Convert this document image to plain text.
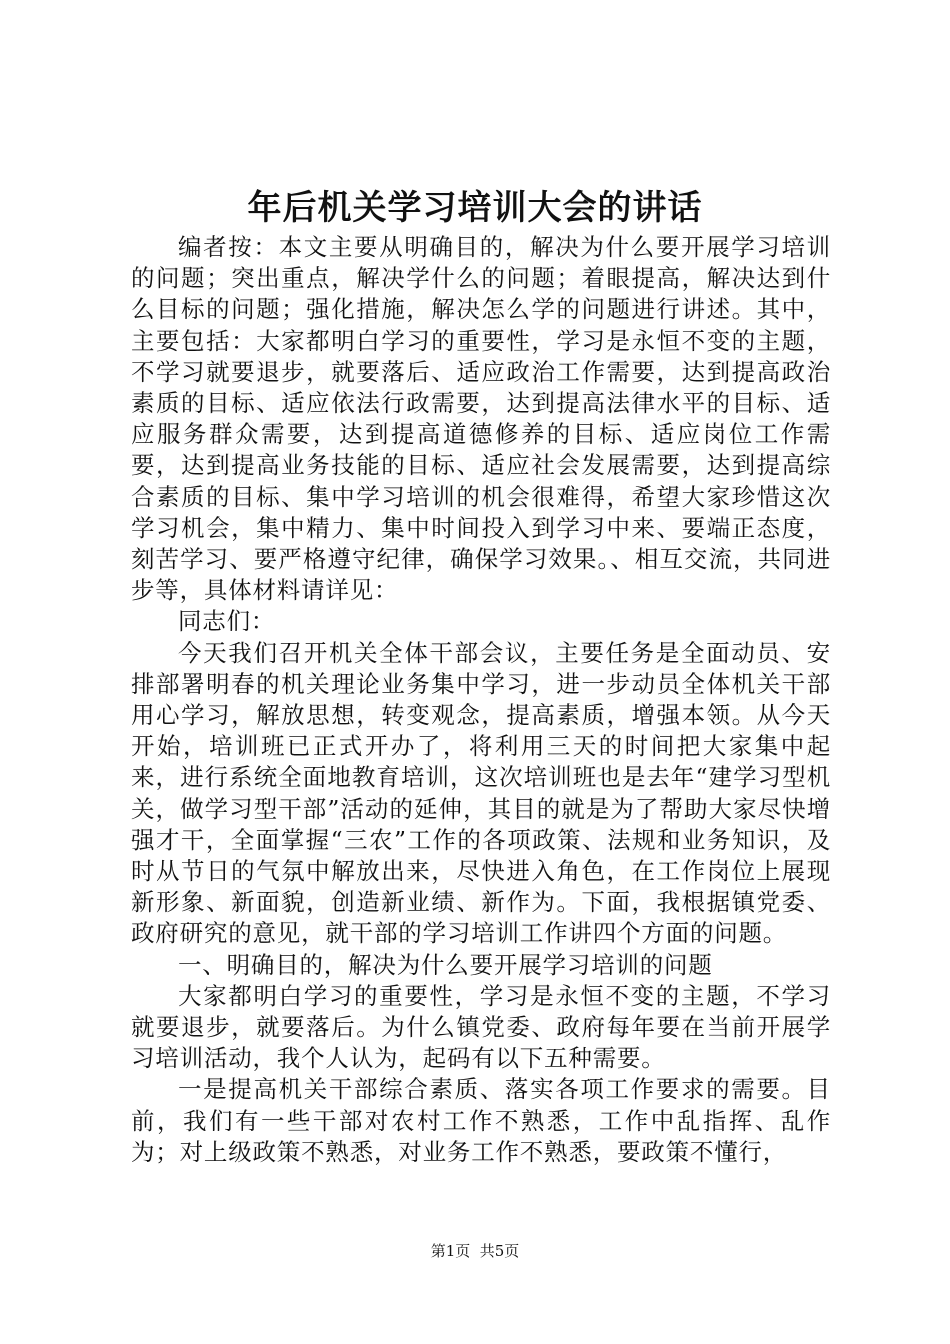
年后机关学习培训大会的讲话

编者按：本文主要从明确目的，解决为什么要开展学习培训的问题；突出重点，解决学什么的问题；着眼提高，解决达到什么目标的问题；强化措施，解决怎么学的问题进行讲述。其中，主要包括：大家都明白学习的重要性，学习是永恒不变的主题，不学习就要退步，就要落后、适应政治工作需要，达到提高政治素质的目标、适应依法行政需要，达到提高法律水平的目标、适应服务群众需要，达到提高道德修养的目标、适应岗位工作需要，达到提高业务技能的目标、适应社会发展需要，达到提高综合素质的目标、集中学习培训的机会很难得，希望大家珍惜这次学习机会，集中精力、集中时间投入到学习中来、要端正态度，刻苦学习、要严格遵守纪律，确保学习效果。、相互交流，共同进步等，具体材料请详见：

同志们：

今天我们召开机关全体干部会议，主要任务是全面动员、安排部署明春的机关理论业务集中学习，进一步动员全体机关干部用心学习，解放思想，转变观念，提高素质，增强本领。从今天开始，培训班已正式开办了，将利用三天的时间把大家集中起来，进行系统全面地教育培训，这次培训班也是去年“建学习型机关，做学习型干部”活动的延伸，其目的就是为了帮助大家尽快增强才干，全面掌握“三农”工作的各项政策、法规和业务知识，及时从节日的气氛中解放出来，尽快进入角色，在工作岗位上展现新形象、新面貌，创造新业绩、新作为。下面，我根据镇党委、政府研究的意见，就干部的学习培训工作讲四个方面的问题。

一、明确目的，解决为什么要开展学习培训的问题

大家都明白学习的重要性，学习是永恒不变的主题，不学习就要退步，就要落后。为什么镇党委、政府每年要在当前开展学习培训活动，我个人认为，起码有以下五种需要。

一是提高机关干部综合素质、落实各项工作要求的需要。目前，我们有一些干部对农村工作不熟悉，工作中乱指挥、乱作为；对上级政策不熟悉，对业务工作不熟悉，要政策不懂行，

第1页  共5页
